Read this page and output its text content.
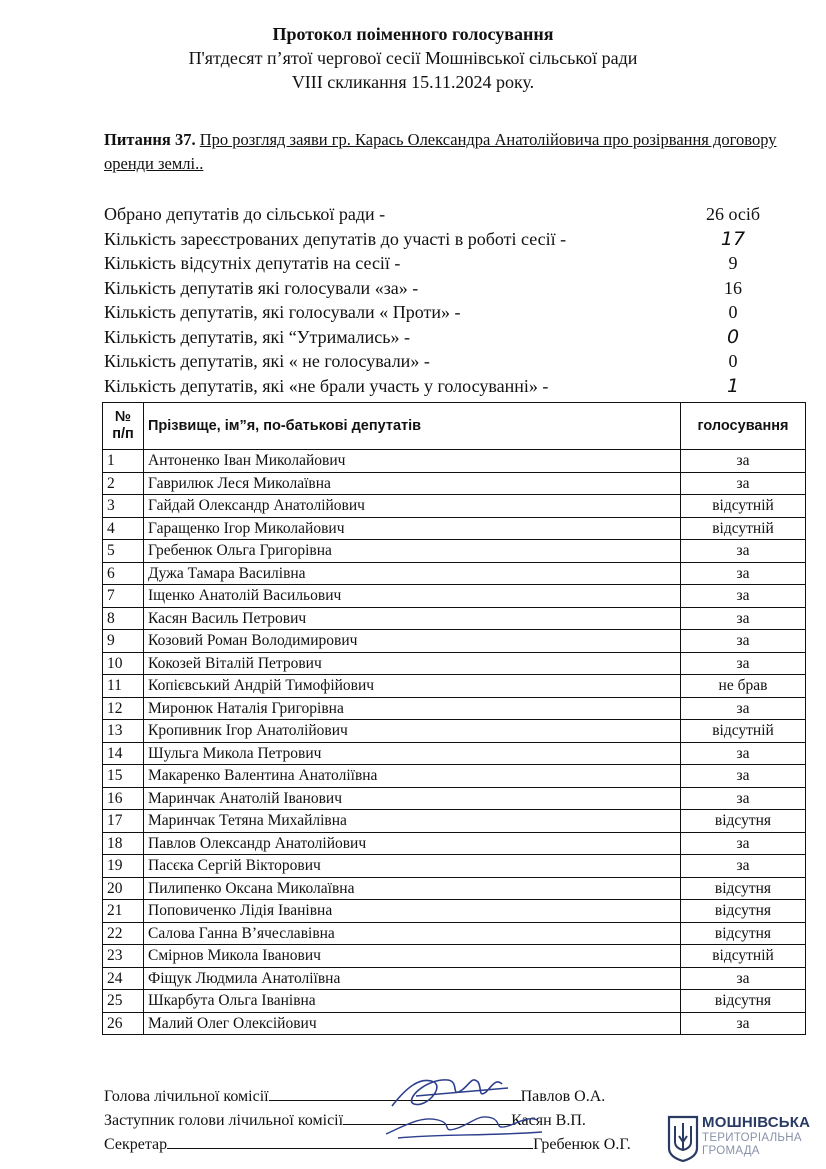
Протокол поіменного голосування
П'ятдесят п’ятої чергової сесії Мошнівської сільської ради
VIII скликання 15.11.2024 року.
Питання 37. Про розгляд заяви гр. Карась Олександра Анатолійовича про розірвання договору оренди землі..
Обрано депутатів до сільської ради -	26 осіб
Кількість зареєстрованих депутатів до участі в роботі сесії -	17
Кількість відсутніх депутатів на сесії -	9
Кількість депутатів які голосували «за» -	16
Кількість депутатів, які голосували « Проти» -	0
Кількість депутатів, які “Утримались» -	0
Кількість депутатів, які « не голосували» -	0
Кількість депутатів, які «не брали участь у голосуванні» -	1
№ п/п	Прізвище, ім”я, по-батькові депутатів	голосування
1	Антоненко Іван Миколайович	за
2	Гаврилюк Леся Миколаївна	за
3	Гайдай Олександр Анатолійович	відсутній
4	Гаращенко Ігор Миколайович	відсутній
5	Гребенюк Ольга Григорівна	за
6	Дужа Тамара Василівна	за
7	Іщенко Анатолій Васильович	за
8	Касян Василь Петрович	за
9	Козовий Роман Володимирович	за
10	Кокозей Віталій Петрович	за
11	Копієвський Андрій Тимофійович	не брав
12	Миронюк Наталія Григорівна	за
13	Кропивник Ігор Анатолійович	відсутній
14	Шульга Микола Петрович	за
15	Макаренко Валентина Анатоліївна	за
16	Маринчак Анатолій Іванович	за
17	Маринчак Тетяна Михайлівна	відсутня
18	Павлов Олександр Анатолійович	за
19	Пасєка Сергій Вікторович	за
20	Пилипенко Оксана Миколаївна	відсутня
21	Поповиченко Лідія Іванівна	відсутня
22	Салова Ганна В’ячеславівна	відсутня
23	Смірнов Микола Іванович	відсутній
24	Фіщук Людмила Анатоліївна	за
25	Шкарбута Ольга Іванівна	відсутня
26	Малий Олег Олексійович	за
Голова лічильної комісії	Павлов О.А.
Заступник голови лічильної комісії	Касян В.П.
Секретар	Гребенюк О.Г.
МОШНІВСЬКА
ТЕРИТОРІАЛЬНА
ГРОМАДА
